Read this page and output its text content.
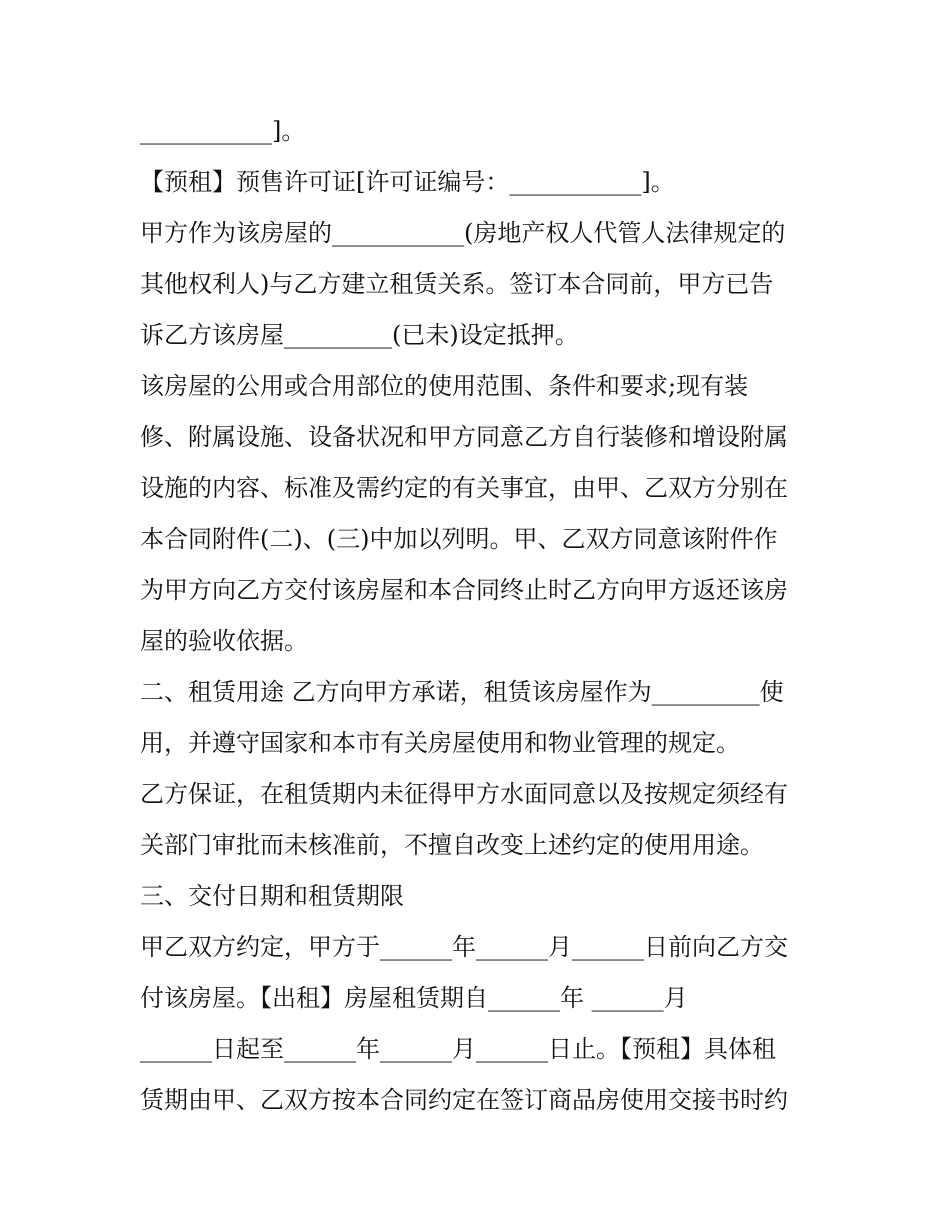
___________]。
【预租】预售许可证[许可证编号：___________]。
甲方作为该房屋的___________(房地产权人代管人法律规定的
其他权利人)与乙方建立租赁关系。签订本合同前，甲方已告
诉乙方该房屋_________(已未)设定抵押。
该房屋的公用或合用部位的使用范围、条件和要求;现有装
修、附属设施、设备状况和甲方同意乙方自行装修和增设附属
设施的内容、标准及需约定的有关事宜，由甲、乙双方分别在
本合同附件(二)、(三)中加以列明。甲、乙双方同意该附件作
为甲方向乙方交付该房屋和本合同终止时乙方向甲方返还该房
屋的验收依据。
二、租赁用途 乙方向甲方承诺，租赁该房屋作为_________使
用，并遵守国家和本市有关房屋使用和物业管理的规定。
乙方保证，在租赁期内未征得甲方水面同意以及按规定须经有
关部门审批而未核准前，不擅自改变上述约定的使用用途。
三、交付日期和租赁期限
甲乙双方约定，甲方于______年______月______日前向乙方交
付该房屋。【出租】房屋租赁期自______年 ______月
______日起至______年______月______日止。【预租】具体租
赁期由甲、乙双方按本合同约定在签订商品房使用交接书时约
